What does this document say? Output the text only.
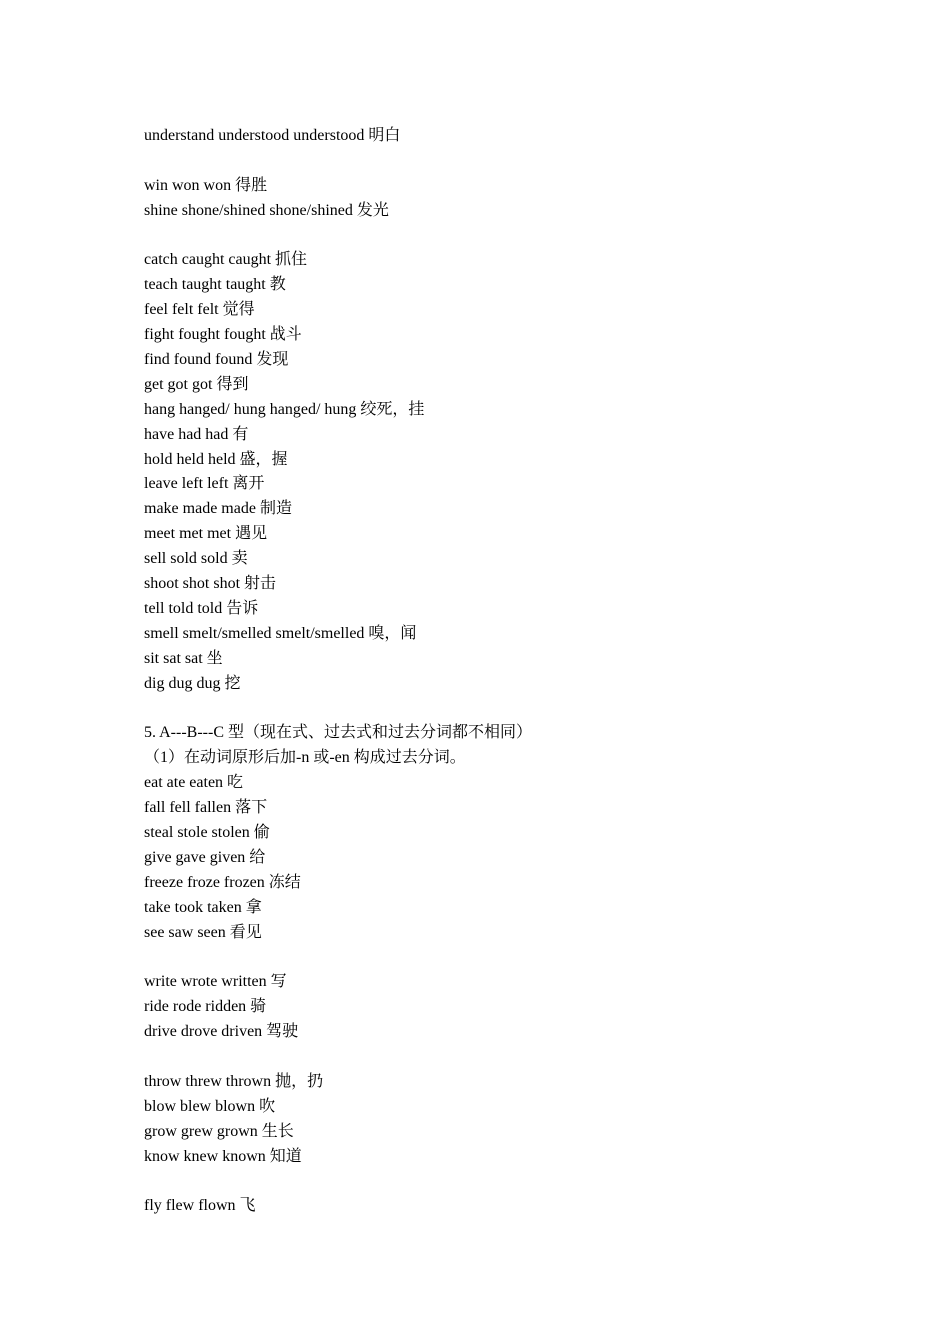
understand understood understood 明白
win won won 得胜
shine shone/shined shone/shined 发光
catch caught caught 抓住
teach taught taught 教
feel felt felt 觉得
fight fought fought 战斗
find found found 发现
get got got 得到
hang hanged/ hung hanged/ hung 绞死，挂
have had had 有
hold held held 盛，握
leave left left 离开
make made made 制造
meet met met 遇见
sell sold sold 卖
shoot shot shot 射击
tell told told 告诉
smell smelt/smelled smelt/smelled 嗅，闻
sit sat sat 坐
dig dug dug 挖
5. A---B---C 型（现在式、过去式和过去分词都不相同）
（1）在动词原形后加-n 或-en 构成过去分词。
eat ate eaten 吃
fall fell fallen 落下
steal stole stolen 偷
give gave given 给
freeze froze frozen 冻结
take took taken 拿
see saw seen 看见
write wrote written 写
ride rode ridden 骑
drive drove driven 驾驶
throw threw thrown 抛，扔
blow blew blown 吹
grow grew grown 生长
know knew known 知道
fly flew flown 飞
